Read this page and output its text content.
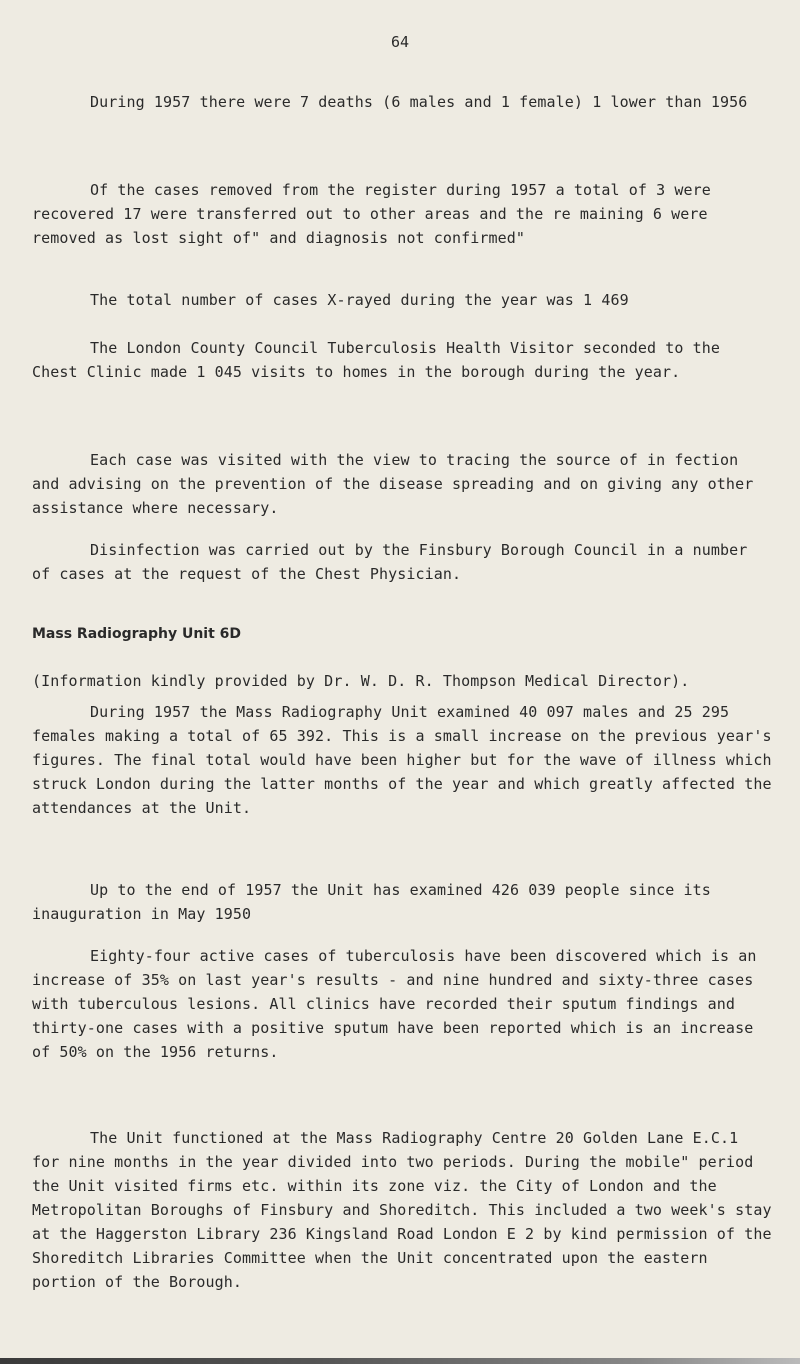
64

During 1957 there were 7 deaths (6 males and 1 female) 1 lower than 1956

Of the cases removed from the register during 1957 a total of 3 were recovered 17 were transferred out to other areas and the re maining 6 were removed as lost sight of" and diagnosis not confirmed"

The total number of cases X-rayed during the year was 1 469

The London County Council Tuberculosis Health Visitor seconded to the Chest Clinic made 1 045 visits to homes in the borough during the year.

Each case was visited with the view to tracing the source of in fection and advising on the prevention of the disease spreading and on giving any other assistance where necessary.

Disinfection was carried out by the Finsbury Borough Council in a number of cases at the request of the Chest Physician.

Mass Radiography Unit 6D

(Information kindly provided by Dr. W. D. R. Thompson Medical Director).

During 1957 the Mass Radiography Unit examined 40 097 males and 25 295 females making a total of 65 392. This is a small increase on the previous year's figures. The final total would have been higher but for the wave of illness which struck London during the latter months of the year and which greatly affected the attendances at the Unit.

Up to the end of 1957 the Unit has examined 426 039 people since its inauguration in May 1950

Eighty-four active cases of tuberculosis have been discovered which is an increase of 35% on last year's results - and nine hundred and sixty-three cases with tuberculous lesions. All clinics have recorded their sputum findings and thirty-one cases with a positive sputum have been reported which is an increase of 50% on the 1956 returns.

The Unit functioned at the Mass Radiography Centre 20 Golden Lane E.C.1 for nine months in the year divided into two periods. During the mobile" period the Unit visited firms etc. within its zone viz. the City of London and the Metropolitan Boroughs of Finsbury and Shoreditch. This included a two week's stay at the Haggerston Library 236 Kingsland Road London E 2 by kind permission of the Shoreditch Libraries Committee when the Unit concentrated upon the eastern portion of the Borough.
